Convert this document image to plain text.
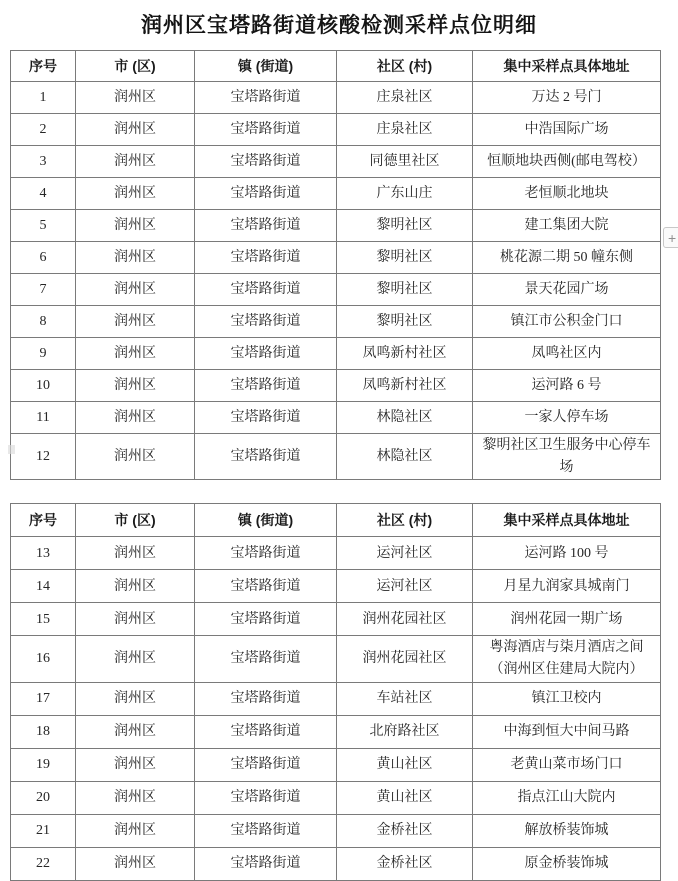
润州区宝塔路街道核酸检测采样点位明细
序号	市 (区)	镇 (街道)	社区 (村)	集中采样点具体地址
1	润州区	宝塔路街道	庄泉社区	万达 2 号门
2	润州区	宝塔路街道	庄泉社区	中浩国际广场
3	润州区	宝塔路街道	同德里社区	恒顺地块西侧(邮电驾校）
4	润州区	宝塔路街道	广东山庄	老恒顺北地块
5	润州区	宝塔路街道	黎明社区	建工集团大院
6	润州区	宝塔路街道	黎明社区	桃花源二期 50 幢东侧
7	润州区	宝塔路街道	黎明社区	景天花园广场
8	润州区	宝塔路街道	黎明社区	镇江市公积金门口
9	润州区	宝塔路街道	凤鸣新村社区	凤鸣社区内
10	润州区	宝塔路街道	凤鸣新村社区	运河路 6 号
11	润州区	宝塔路街道	林隐社区	一家人停车场
12	润州区	宝塔路街道	林隐社区	黎明社区卫生服务中心停车场
序号	市 (区)	镇 (街道)	社区 (村)	集中采样点具体地址
13	润州区	宝塔路街道	运河社区	运河路 100 号
14	润州区	宝塔路街道	运河社区	月星九润家具城南门
15	润州区	宝塔路街道	润州花园社区	润州花园一期广场
16	润州区	宝塔路街道	润州花园社区	粤海酒店与柒月酒店之间（润州区住建局大院内）
17	润州区	宝塔路街道	车站社区	镇江卫校内
18	润州区	宝塔路街道	北府路社区	中海到恒大中间马路
19	润州区	宝塔路街道	黄山社区	老黄山菜市场门口
20	润州区	宝塔路街道	黄山社区	指点江山大院内
21	润州区	宝塔路街道	金桥社区	解放桥装饰城
22	润州区	宝塔路街道	金桥社区	原金桥装饰城
+
